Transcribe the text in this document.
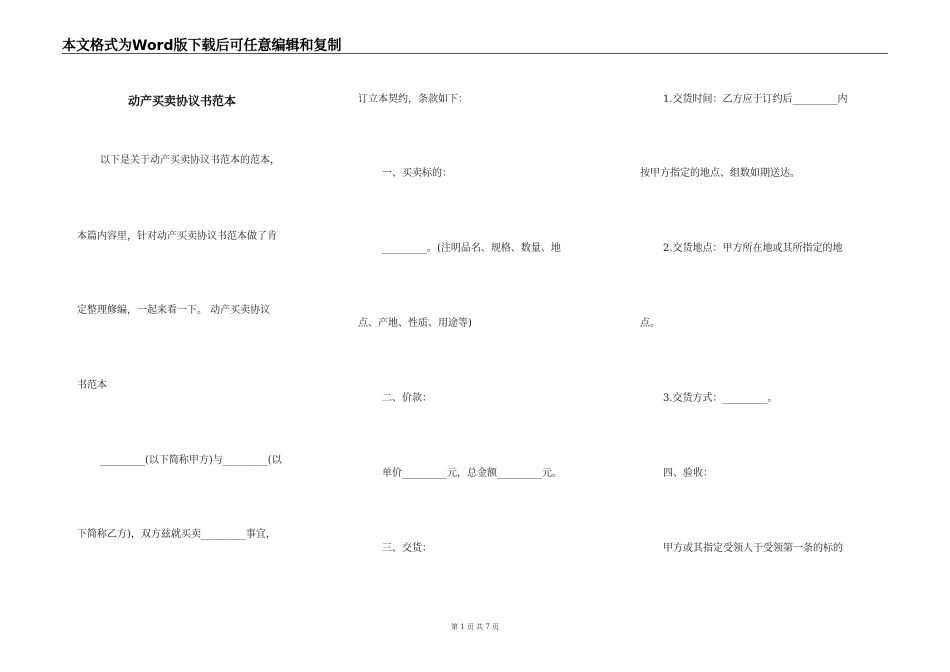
本文格式为Word版下载后可任意编辑和复制
动产买卖协议书范本
以下是关于动产买卖协议书范本的范本，
本篇内容里，针对动产买卖协议书范本做了肯
定整理修编，一起来看一下。 动产买卖协议
书范本
_________(以下简称甲方)与_________(以
下简称乙方)，双方兹就买卖_________事宜，
订立本契约，条款如下：
一、买卖标的：
_________。(注明品名、规格、数量、地
点、产地、性质、用途等)
二、价款：
单价_________元，总金额_________元。
三、交货：
1.交货时间：乙方应于订约后_________内
按甲方指定的地点、组数如期送达。
2.交货地点：甲方所在地或其所指定的地
点。
3.交货方式：_________。
四、验收：
甲方或其指定受领人于受领第一条的标的
第 1 页 共 7 页
